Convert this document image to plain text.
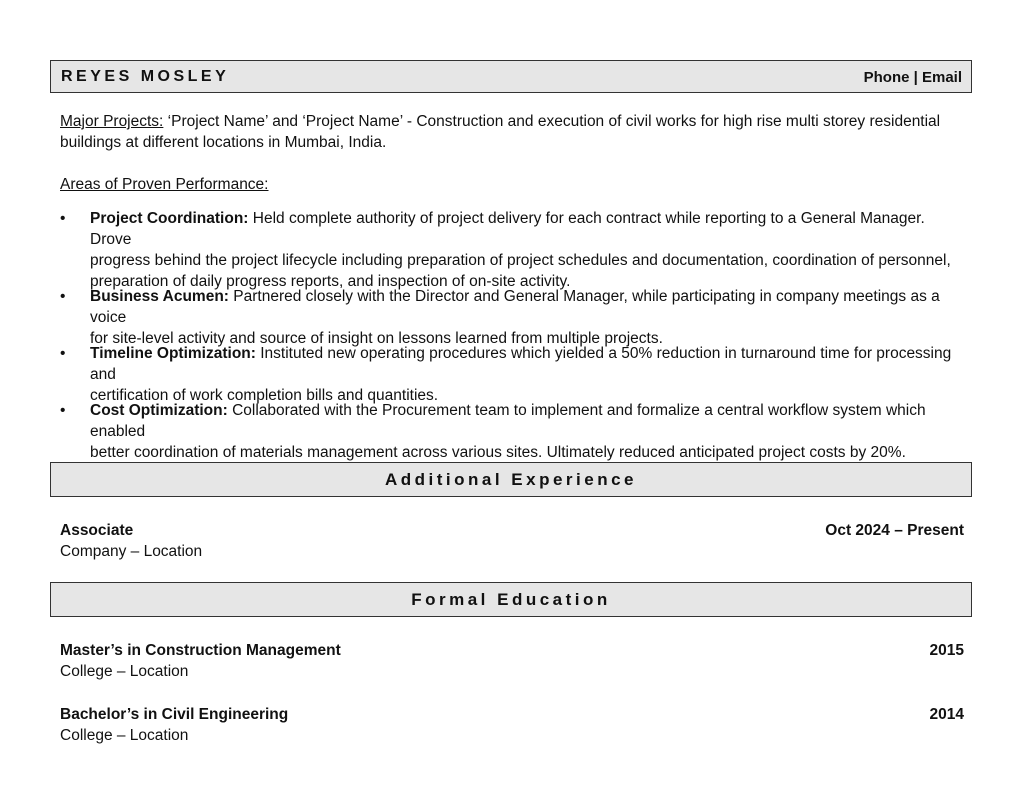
REYES MOSLEY	Phone | Email
Major Projects: ‘Project Name’ and ‘Project Name’ - Construction and execution of civil works for high rise multi storey residential
buildings at different locations in Mumbai, India.
Areas of Proven Performance:
• Project Coordination: Held complete authority of project delivery for each contract while reporting to a General Manager. Drove
progress behind the project lifecycle including preparation of project schedules and documentation, coordination of personnel,
preparation of daily progress reports, and inspection of on-site activity.
• Business Acumen: Partnered closely with the Director and General Manager, while participating in company meetings as a voice
for site-level activity and source of insight on lessons learned from multiple projects.
• Timeline Optimization: Instituted new operating procedures which yielded a 50% reduction in turnaround time for processing and
certification of work completion bills and quantities.
• Cost Optimization: Collaborated with the Procurement team to implement and formalize a central workflow system which enabled
better coordination of materials management across various sites. Ultimately reduced anticipated project costs by 20%.
Additional Experience
Associate	Oct 2024 – Present
Company – Location
Formal Education
Master’s in Construction Management	2015
College – Location
Bachelor’s in Civil Engineering	2014
College – Location
